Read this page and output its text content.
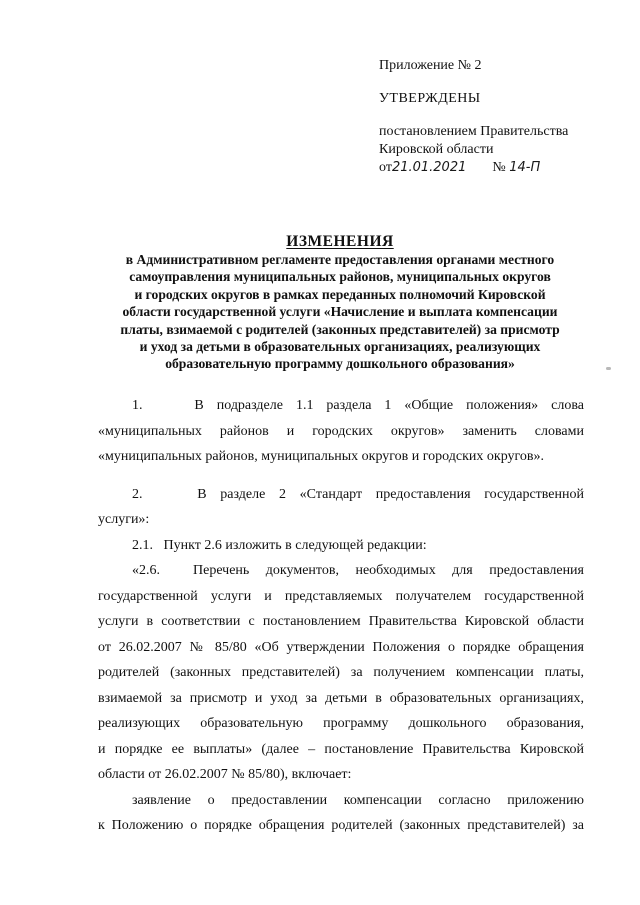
Приложение № 2
УТВЕРЖДЕНЫ
постановлением Правительства
Кировской области
от21.01.2021 № 14-П
ИЗМЕНЕНИЯ
в Административном регламенте предоставления органами местного
самоуправления муниципальных районов, муниципальных округов
и городских округов в рамках переданных полномочий Кировской
области государственной услуги «Начисление и выплата компенсации
платы, взимаемой с родителей (законных представителей) за присмотр
и уход за детьми в образовательных организациях, реализующих
образовательную программу дошкольного образования»
1.    В подразделе 1.1 раздела 1 «Общие положения» слова
«муниципальных районов и городских округов» заменить словами
«муниципальных районов, муниципальных округов и городских округов».
2.    В разделе 2 «Стандарт предоставления государственной
услуги»:
2.1.   Пункт 2.6 изложить в следующей редакции:
«2.6.  Перечень документов, необходимых для предоставления
государственной услуги и представляемых получателем государственной
услуги в соответствии с постановлением Правительства Кировской области
от 26.02.2007 № 85/80 «Об утверждении Положения о порядке обращения
родителей (законных представителей) за получением компенсации платы,
взимаемой за присмотр и уход за детьми в образовательных организациях,
реализующих образовательную программу дошкольного образования,
и порядке ее выплаты» (далее – постановление Правительства Кировской
области от 26.02.2007 № 85/80), включает:
заявление о предоставлении компенсации согласно приложению
к Положению о порядке обращения родителей (законных представителей) за
